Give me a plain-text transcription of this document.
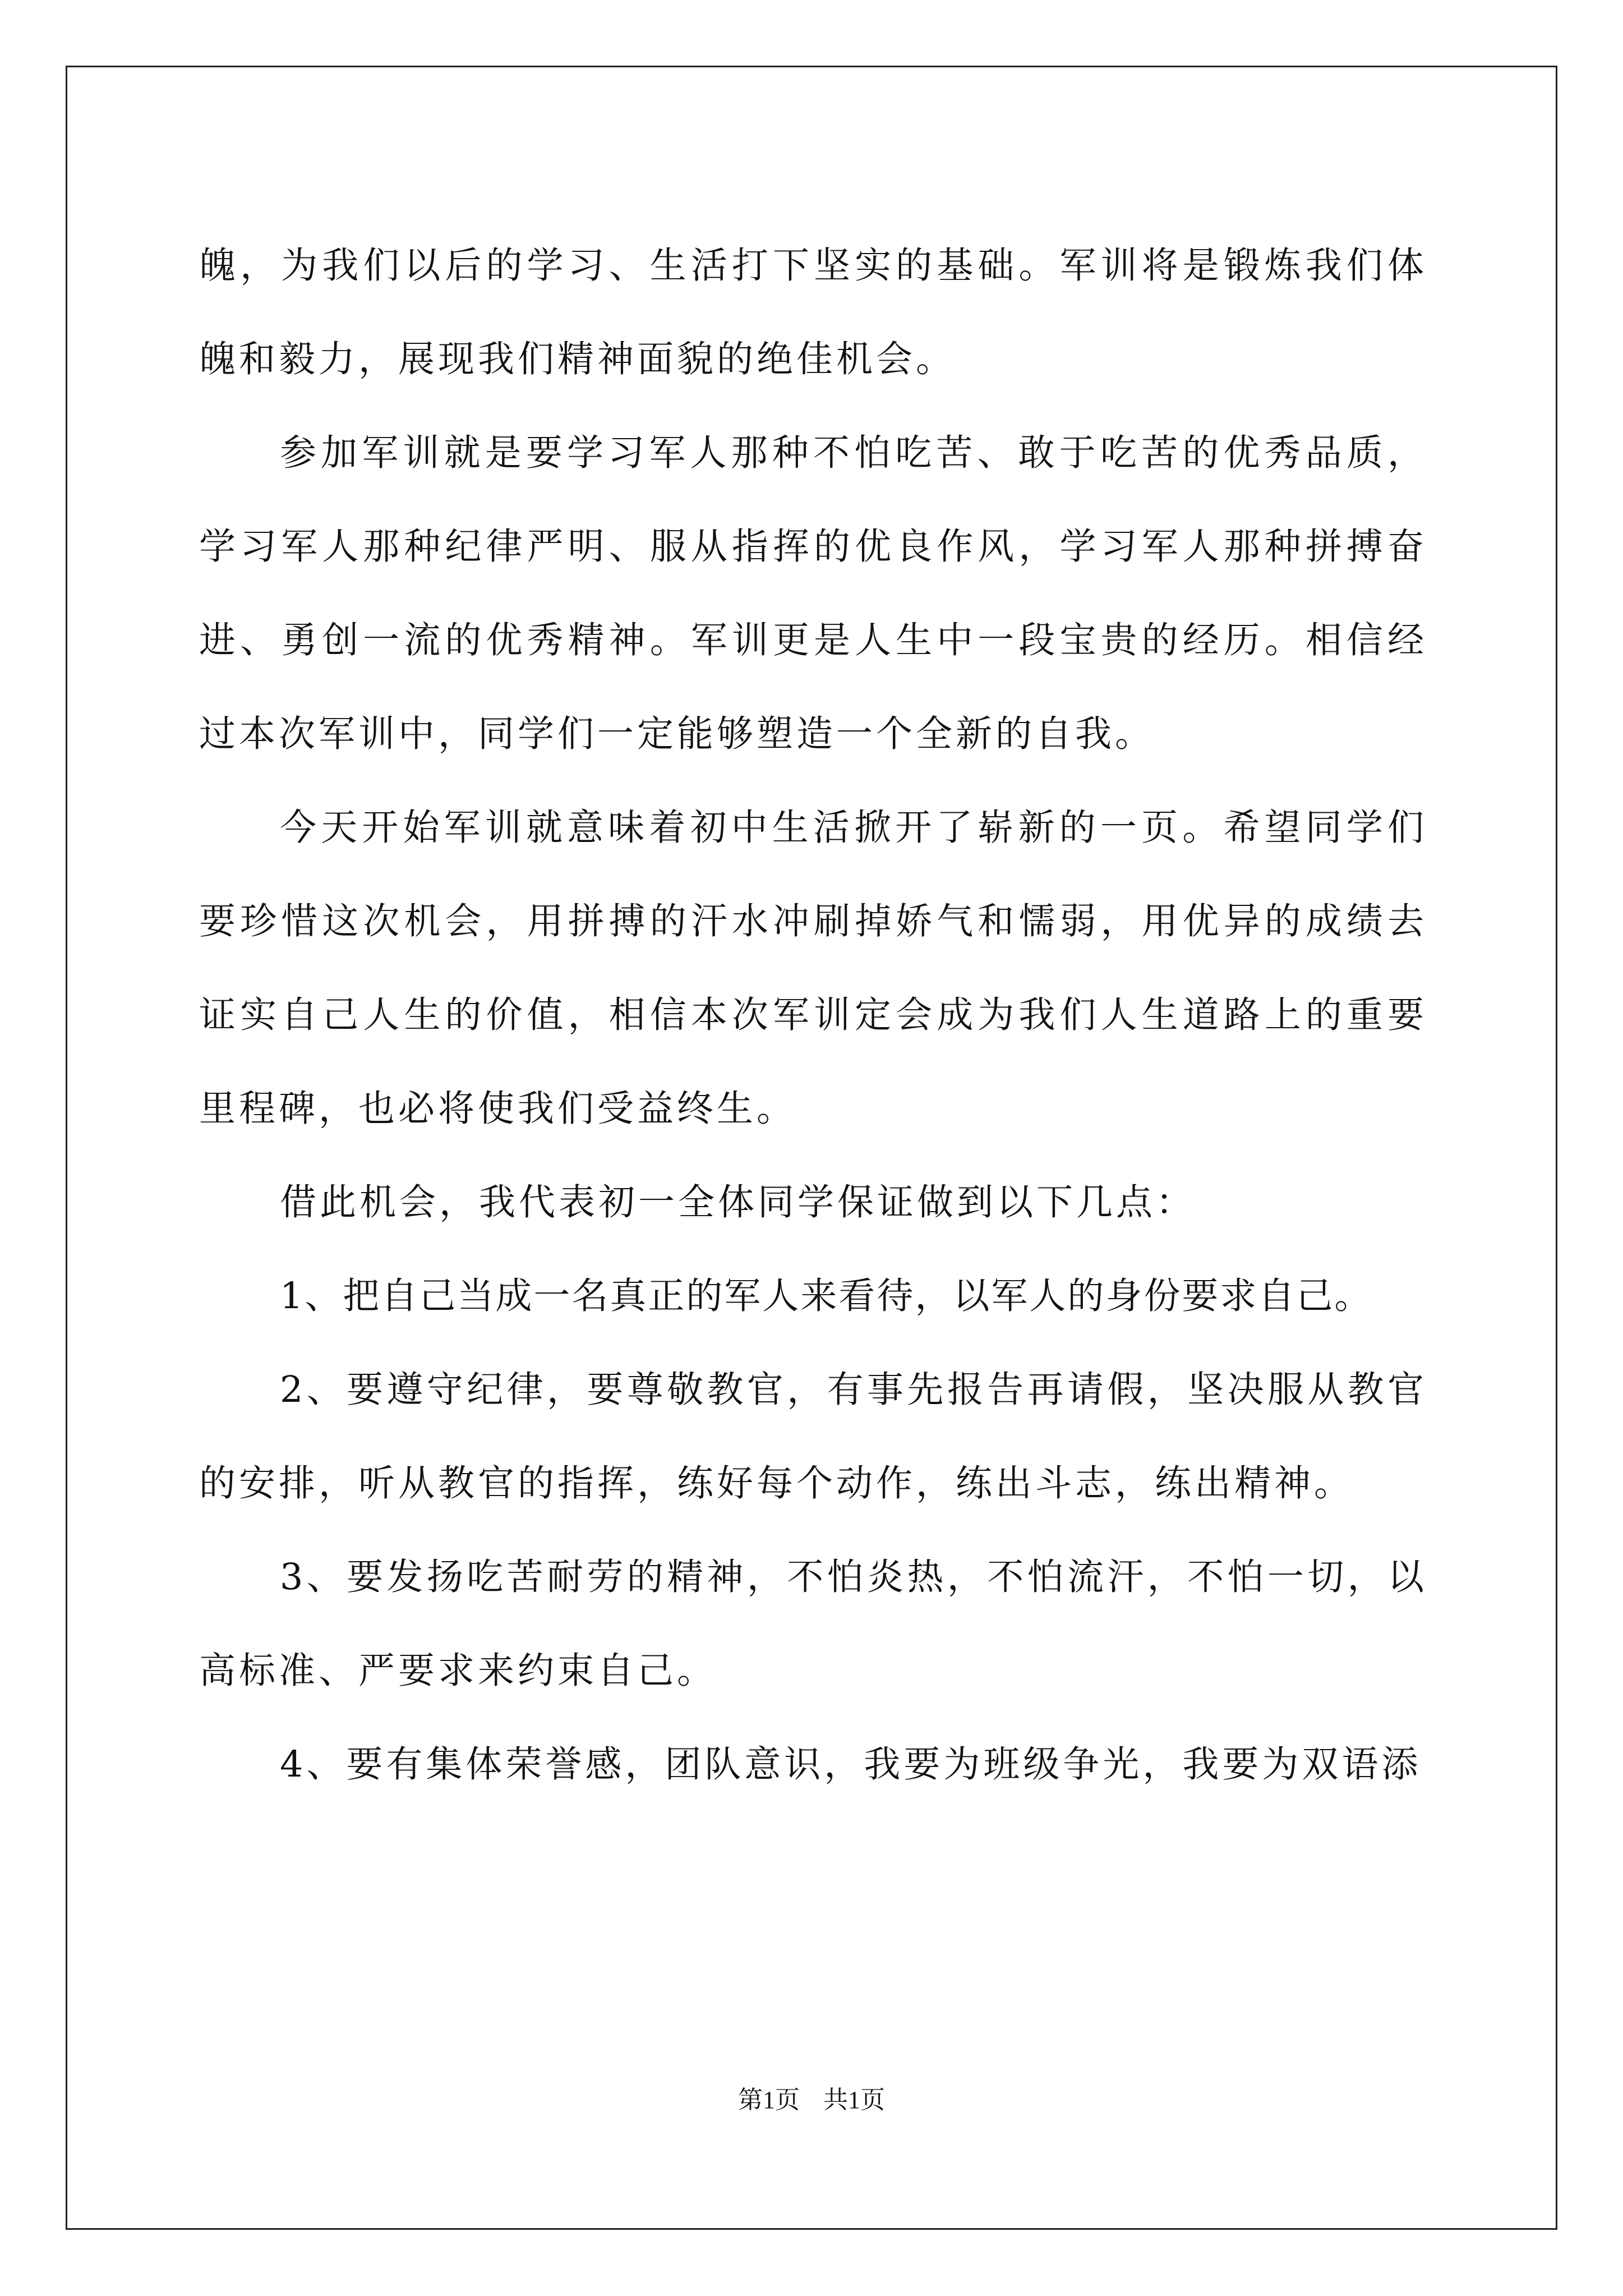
魄，为我们以后的学习、生活打下坚实的基础。军训将是锻炼我们体魄和毅力，展现我们精神面貌的绝佳机会。

参加军训就是要学习军人那种不怕吃苦、敢于吃苦的优秀品质，学习军人那种纪律严明、服从指挥的优良作风，学习军人那种拼搏奋进、勇创一流的优秀精神。军训更是人生中一段宝贵的经历。相信经过本次军训中，同学们一定能够塑造一个全新的自我。

今天开始军训就意味着初中生活掀开了崭新的一页。希望同学们要珍惜这次机会，用拼搏的汗水冲刷掉娇气和懦弱，用优异的成绩去证实自己人生的价值，相信本次军训定会成为我们人生道路上的重要里程碑，也必将使我们受益终生。

借此机会，我代表初一全体同学保证做到以下几点：

1、把自己当成一名真正的军人来看待，以军人的身份要求自己。

2、要遵守纪律，要尊敬教官，有事先报告再请假，坚决服从教官的安排，听从教官的指挥，练好每个动作，练出斗志，练出精神。

3、要发扬吃苦耐劳的精神，不怕炎热，不怕流汗，不怕一切，以高标准、严要求来约束自己。

4、要有集体荣誉感，团队意识，我要为班级争光，我要为双语添

第1页 共1页
